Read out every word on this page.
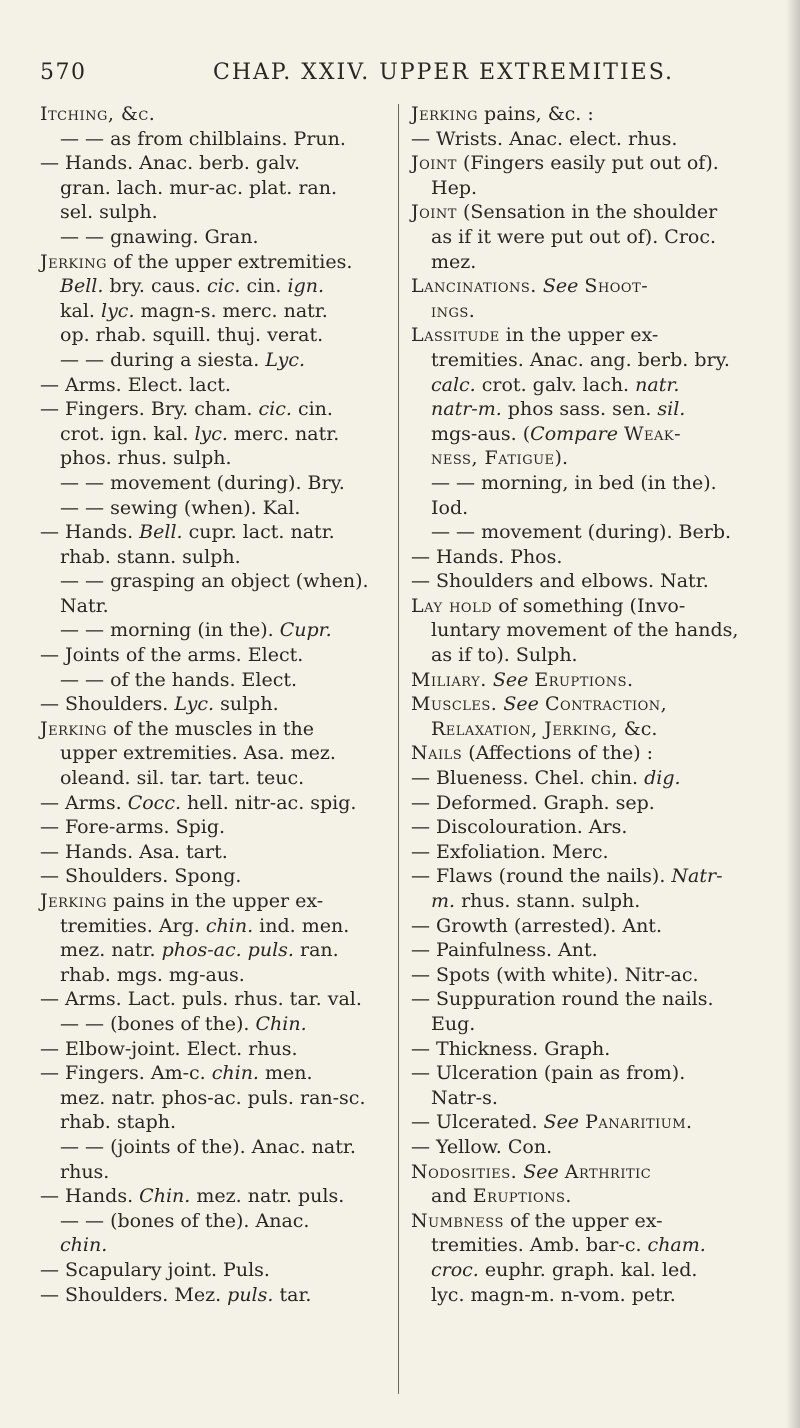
570	CHAP. XXIV. UPPER EXTREMITIES.
Itching, &c.
— — as from chilblains. Prun.
— Hands. Anac. berb. galv.
gran. lach. mur-ac. plat. ran.
sel. sulph.
— — gnawing. Gran.
Jerking of the upper extremities.
Bell. bry. caus. cic. cin. ign.
kal. lyc. magn-s. merc. natr.
op. rhab. squill. thuj. verat.
— — during a siesta. Lyc.
— Arms. Elect. lact.
— Fingers. Bry. cham. cic. cin.
crot. ign. kal. lyc. merc. natr.
phos. rhus. sulph.
— — movement (during). Bry.
— — sewing (when). Kal.
— Hands. Bell. cupr. lact. natr.
rhab. stann. sulph.
— — grasping an object (when).
Natr.
— — morning (in the). Cupr.
— Joints of the arms. Elect.
— — of the hands. Elect.
— Shoulders. Lyc. sulph.
Jerking of the muscles in the
upper extremities. Asa. mez.
oleand. sil. tar. tart. teuc.
— Arms. Cocc. hell. nitr-ac. spig.
— Fore-arms. Spig.
— Hands. Asa. tart.
— Shoulders. Spong.
Jerking pains in the upper ex-
tremities. Arg. chin. ind. men.
mez. natr. phos-ac. puls. ran.
rhab. mgs. mg-aus.
— Arms. Lact. puls. rhus. tar. val.
— — (bones of the). Chin.
— Elbow-joint. Elect. rhus.
— Fingers. Am-c. chin. men.
mez. natr. phos-ac. puls. ran-sc.
rhab. staph.
— — (joints of the). Anac. natr.
rhus.
— Hands. Chin. mez. natr. puls.
— — (bones of the). Anac.
chin.
— Scapulary joint. Puls.
— Shoulders. Mez. puls. tar.
Jerking pains, &c. :
— Wrists. Anac. elect. rhus.
Joint (Fingers easily put out of).
Hep.
Joint (Sensation in the shoulder
as if it were put out of). Croc.
mez.
Lancinations. See Shoot-
ings.
Lassitude in the upper ex-
tremities. Anac. ang. berb. bry.
calc. crot. galv. lach. natr.
natr-m. phos sass. sen. sil.
mgs-aus. (Compare Weak-
ness, Fatigue).
— — morning, in bed (in the).
Iod.
— — movement (during). Berb.
— Hands. Phos.
— Shoulders and elbows. Natr.
Lay hold of something (Invo-
luntary movement of the hands,
as if to). Sulph.
Miliary. See Eruptions.
Muscles. See Contraction,
Relaxation, Jerking, &c.
Nails (Affections of the) :
— Blueness. Chel. chin. dig.
— Deformed. Graph. sep.
— Discolouration. Ars.
— Exfoliation. Merc.
— Flaws (round the nails). Natr-
m. rhus. stann. sulph.
— Growth (arrested). Ant.
— Painfulness. Ant.
— Spots (with white). Nitr-ac.
— Suppuration round the nails.
Eug.
— Thickness. Graph.
— Ulceration (pain as from).
Natr-s.
— Ulcerated. See Panaritium.
— Yellow. Con.
Nodosities. See Arthritic
and Eruptions.
Numbness of the upper ex-
tremities. Amb. bar-c. cham.
croc. euphr. graph. kal. led.
lyc. magn-m. n-vom. petr.
